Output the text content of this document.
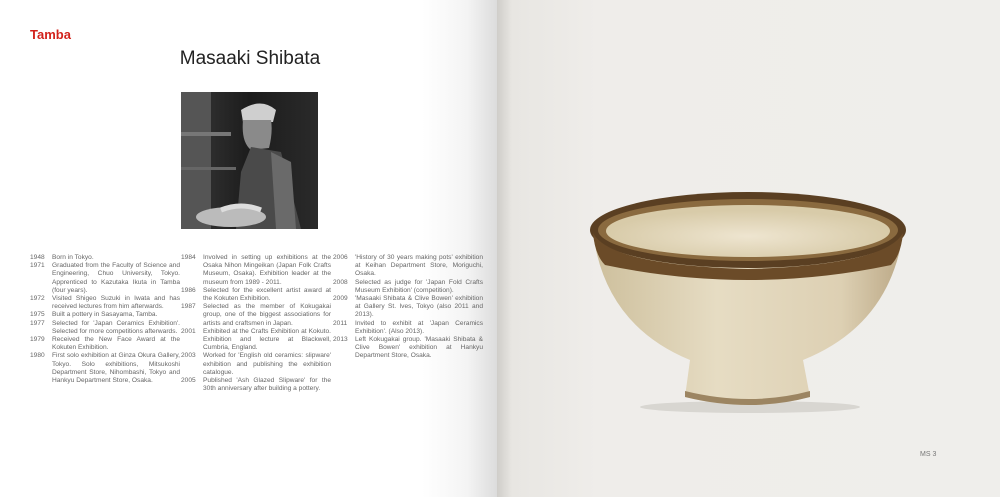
Tamba
Masaaki Shibata
1948	Born in Tokyo.
1971	Graduated from the Faculty of Science and Engineering, Chuo University, Tokyo. Apprenticed to Kazutaka Ikuta in Tamba (four years).
1972	Visited Shigeo Suzuki in Iwata and has received lectures from him afterwards.
1975	Built a pottery in Sasayama, Tamba.
1977	Selected for 'Japan Ceramics Exhibition'. Selected for more competitions afterwards.
1979	Received the New Face Award at the Kokuten Exhibition.
1980	First solo exhibition at Ginza Okura Gallery, Tokyo. Solo exhibitions, Mitsukoshi Department Store, Nihombashi, Tokyo and Hankyu Department Store, Osaka.
1984	Involved in setting up exhibitions at the Osaka Nihon Mingeikan (Japan Folk Crafts Museum, Osaka). Exhibition leader at the museum from 1989 - 2011.
1986	Selected for the excellent artist award at the Kokuten Exhibition.
1987	Selected as the member of Kokugakai group, one of the biggest associations for artists and craftsmen in Japan.
2001	Exhibited at the Crafts Exhibition at Kokuto. Exhibition and lecture at Blackwell, Cumbria, England.
2003	Worked for 'English old ceramics: slipware' exhibition and publishing the exhibition catalogue.
2005	Published 'Ash Glazed Slipware' for the 30th anniversary after building a pottery.
2006	'History of 30 years making pots' exhibition at Keihan Department Store, Moriguchi, Osaka.
2008	Selected as judge for 'Japan Fold Crafts Museum Exhibition' (competition).
2009	'Masaaki Shibata & Clive Bowen' exhibition at Gallery St. Ives, Tokyo (also 2011 and 2013).
2011	Invited to exhibit at 'Japan Ceramics Exhibition'. (Also 2013).
2013	Left Kokugakai group. 'Masaaki Shibata & Clive Bowen' exhibition at Hankyu Department Store, Osaka.
MS 3
